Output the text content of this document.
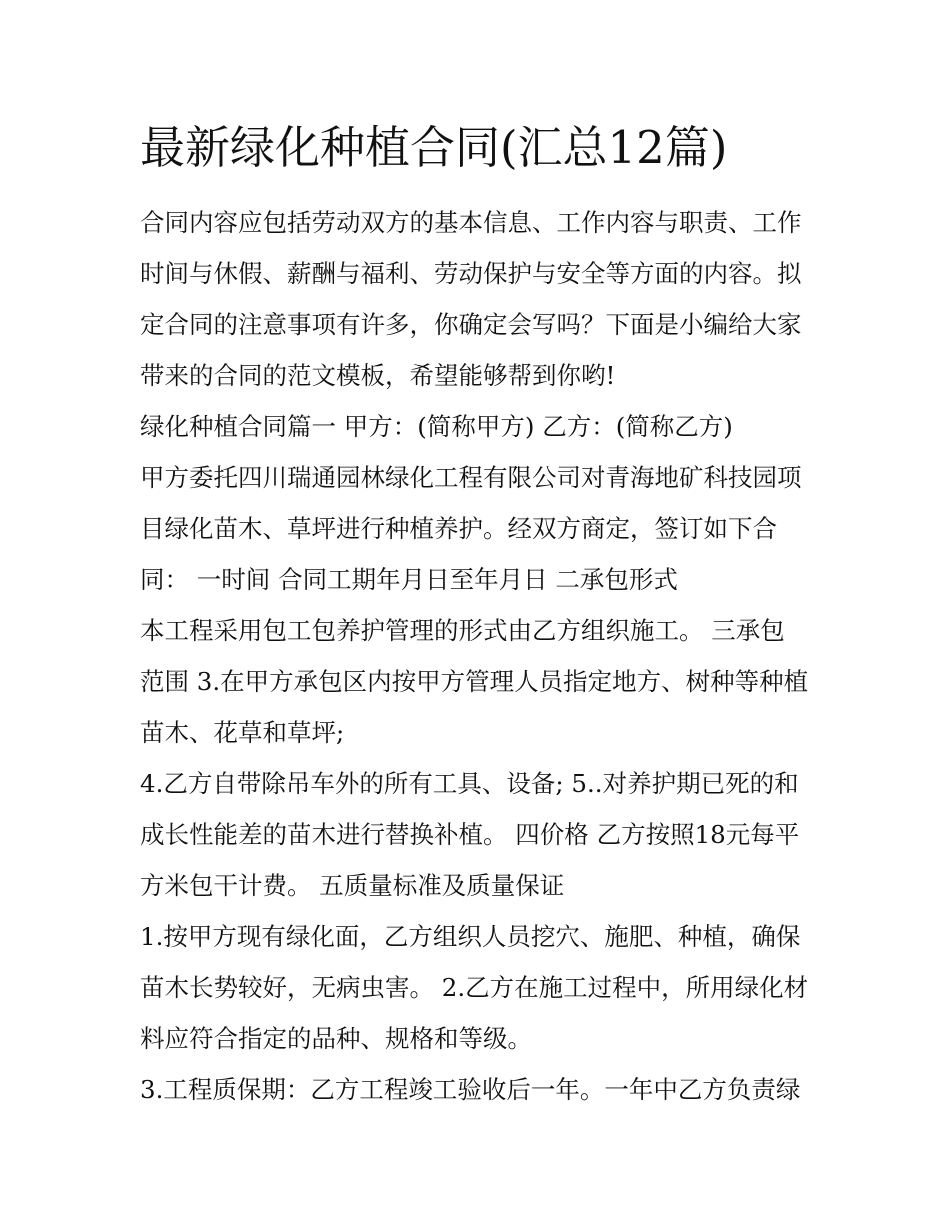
最新绿化种植合同(汇总12篇)
合同内容应包括劳动双方的基本信息、工作内容与职责、工作
时间与休假、薪酬与福利、劳动保护与安全等方面的内容。拟
定合同的注意事项有许多，你确定会写吗？下面是小编给大家
带来的合同的范文模板，希望能够帮到你哟!
绿化种植合同篇一 甲方：(简称甲方) 乙方：(简称乙方)
甲方委托四川瑞通园林绿化工程有限公司对青海地矿科技园项
目绿化苗木、草坪进行种植养护。经双方商定，签订如下合
同： 一时间 合同工期年月日至年月日 二承包形式
本工程采用包工包养护管理的形式由乙方组织施工。 三承包
范围 3.在甲方承包区内按甲方管理人员指定地方、树种等种植
苗木、花草和草坪;
4.乙方自带除吊车外的所有工具、设备; 5..对养护期已死的和
成长性能差的苗木进行替换补植。 四价格 乙方按照18元每平
方米包干计费。 五质量标准及质量保证
1.按甲方现有绿化面，乙方组织人员挖穴、施肥、种植，确保
苗木长势较好，无病虫害。 2.乙方在施工过程中，所用绿化材
料应符合指定的品种、规格和等级。
3.工程质保期：乙方工程竣工验收后一年。一年中乙方负责绿
